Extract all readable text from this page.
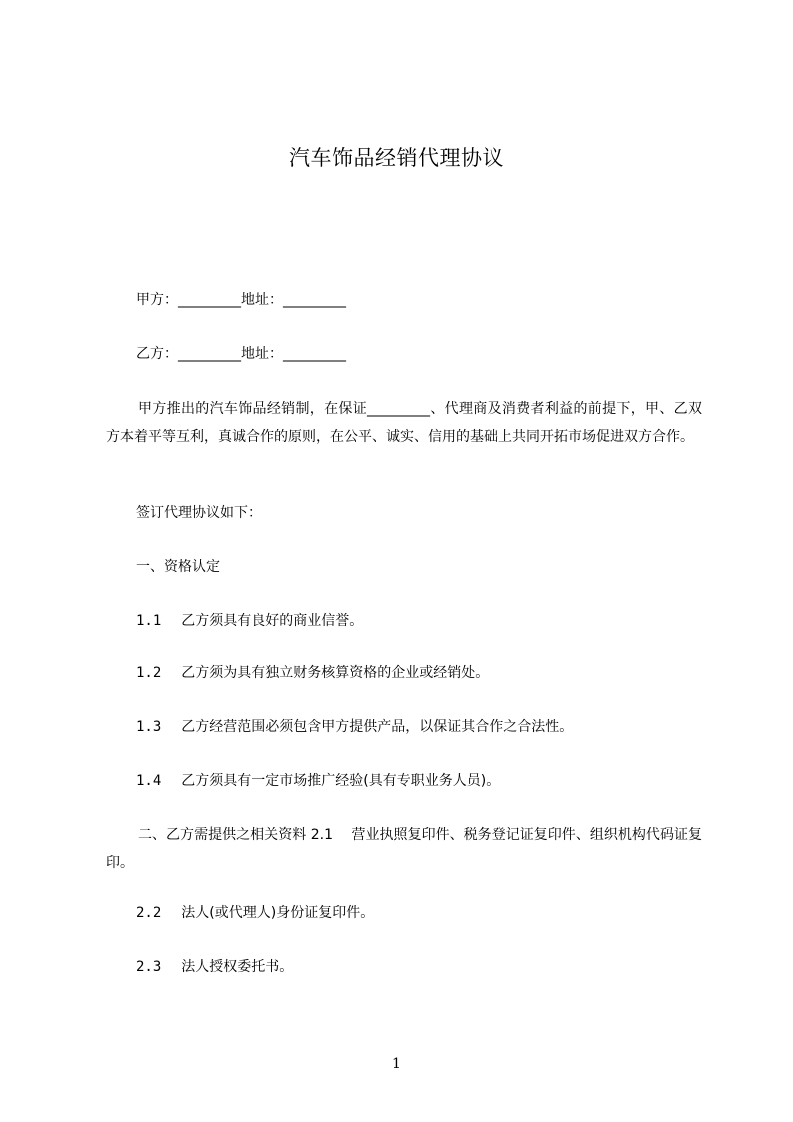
汽车饰品经销代理协议
甲方：_________地址：_________
乙方：_________地址：_________
甲方推出的汽车饰品经销制，在保证_________、代理商及消费者利益的前提下，甲、乙双方本着平等互利，真诚合作的原则，在公平、诚实、信用的基础上共同开拓市场促进双方合作。
签订代理协议如下：
一、资格认定
1.1 乙方须具有良好的商业信誉。
1.2 乙方须为具有独立财务核算资格的企业或经销处。
1.3 乙方经营范围必须包含甲方提供产品，以保证其合作之合法性。
1.4 乙方须具有一定市场推广经验(具有专职业务人员)。
二、乙方需提供之相关资料 2.1　 营业执照复印件、税务登记证复印件、组织机构代码证复印。
2.2 法人(或代理人)身份证复印件。
2.3 法人授权委托书。
1
